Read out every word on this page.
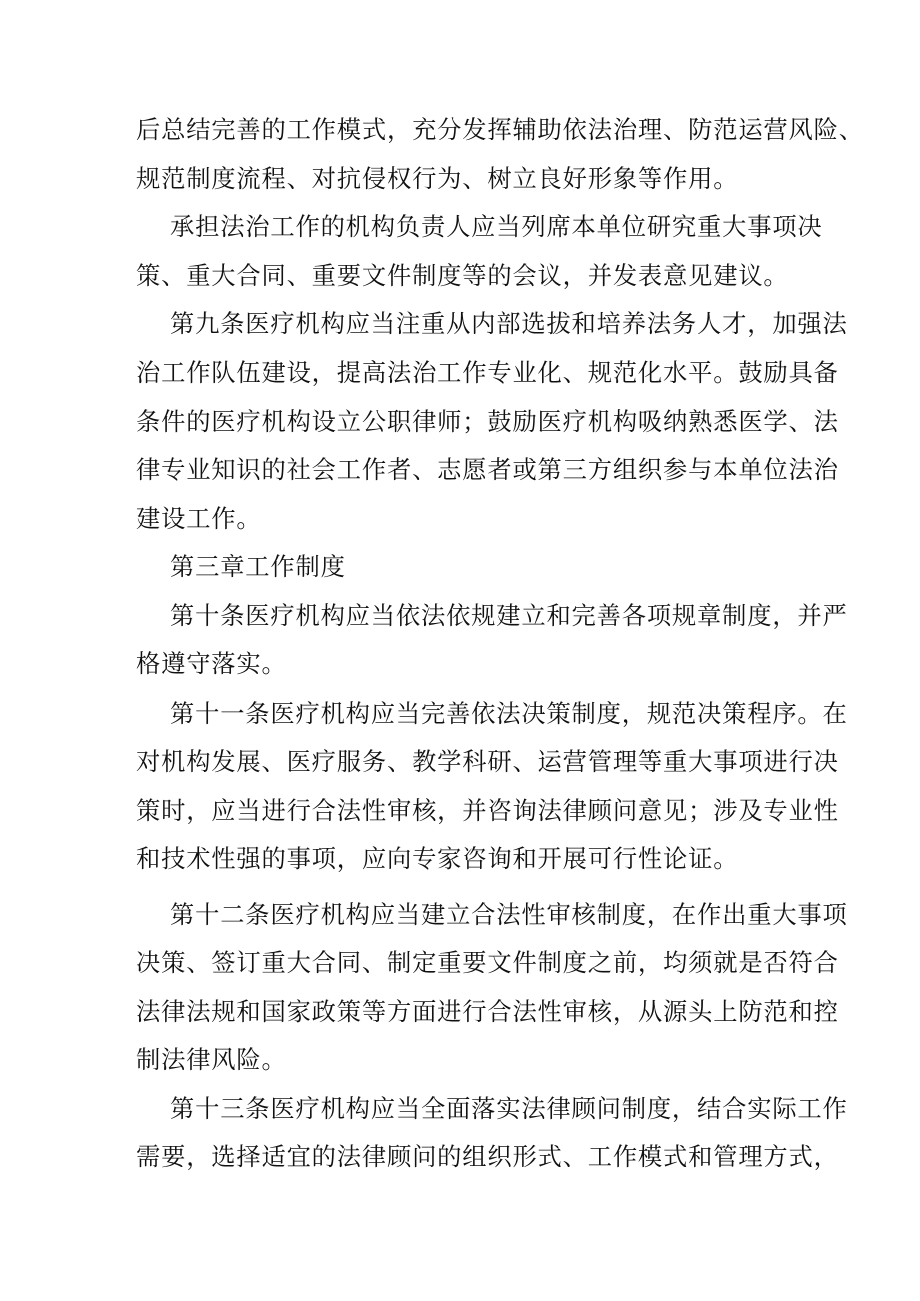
后总结完善的工作模式，充分发挥辅助依法治理、防范运营风险、
规范制度流程、对抗侵权行为、树立良好形象等作用。
承担法治工作的机构负责人应当列席本单位研究重大事项决
策、重大合同、重要文件制度等的会议，并发表意见建议。
第九条医疗机构应当注重从内部选拔和培养法务人才，加强法
治工作队伍建设，提高法治工作专业化、规范化水平。鼓励具备
条件的医疗机构设立公职律师；鼓励医疗机构吸纳熟悉医学、法
律专业知识的社会工作者、志愿者或第三方组织参与本单位法治
建设工作。
第三章工作制度
第十条医疗机构应当依法依规建立和完善各项规章制度，并严
格遵守落实。
第十一条医疗机构应当完善依法决策制度，规范决策程序。在
对机构发展、医疗服务、教学科研、运营管理等重大事项进行决
策时，应当进行合法性审核，并咨询法律顾问意见；涉及专业性
和技术性强的事项，应向专家咨询和开展可行性论证。
第十二条医疗机构应当建立合法性审核制度，在作出重大事项
决策、签订重大合同、制定重要文件制度之前，均须就是否符合
法律法规和国家政策等方面进行合法性审核，从源头上防范和控
制法律风险。
第十三条医疗机构应当全面落实法律顾问制度，结合实际工作
需要，选择适宜的法律顾问的组织形式、工作模式和管理方式，
